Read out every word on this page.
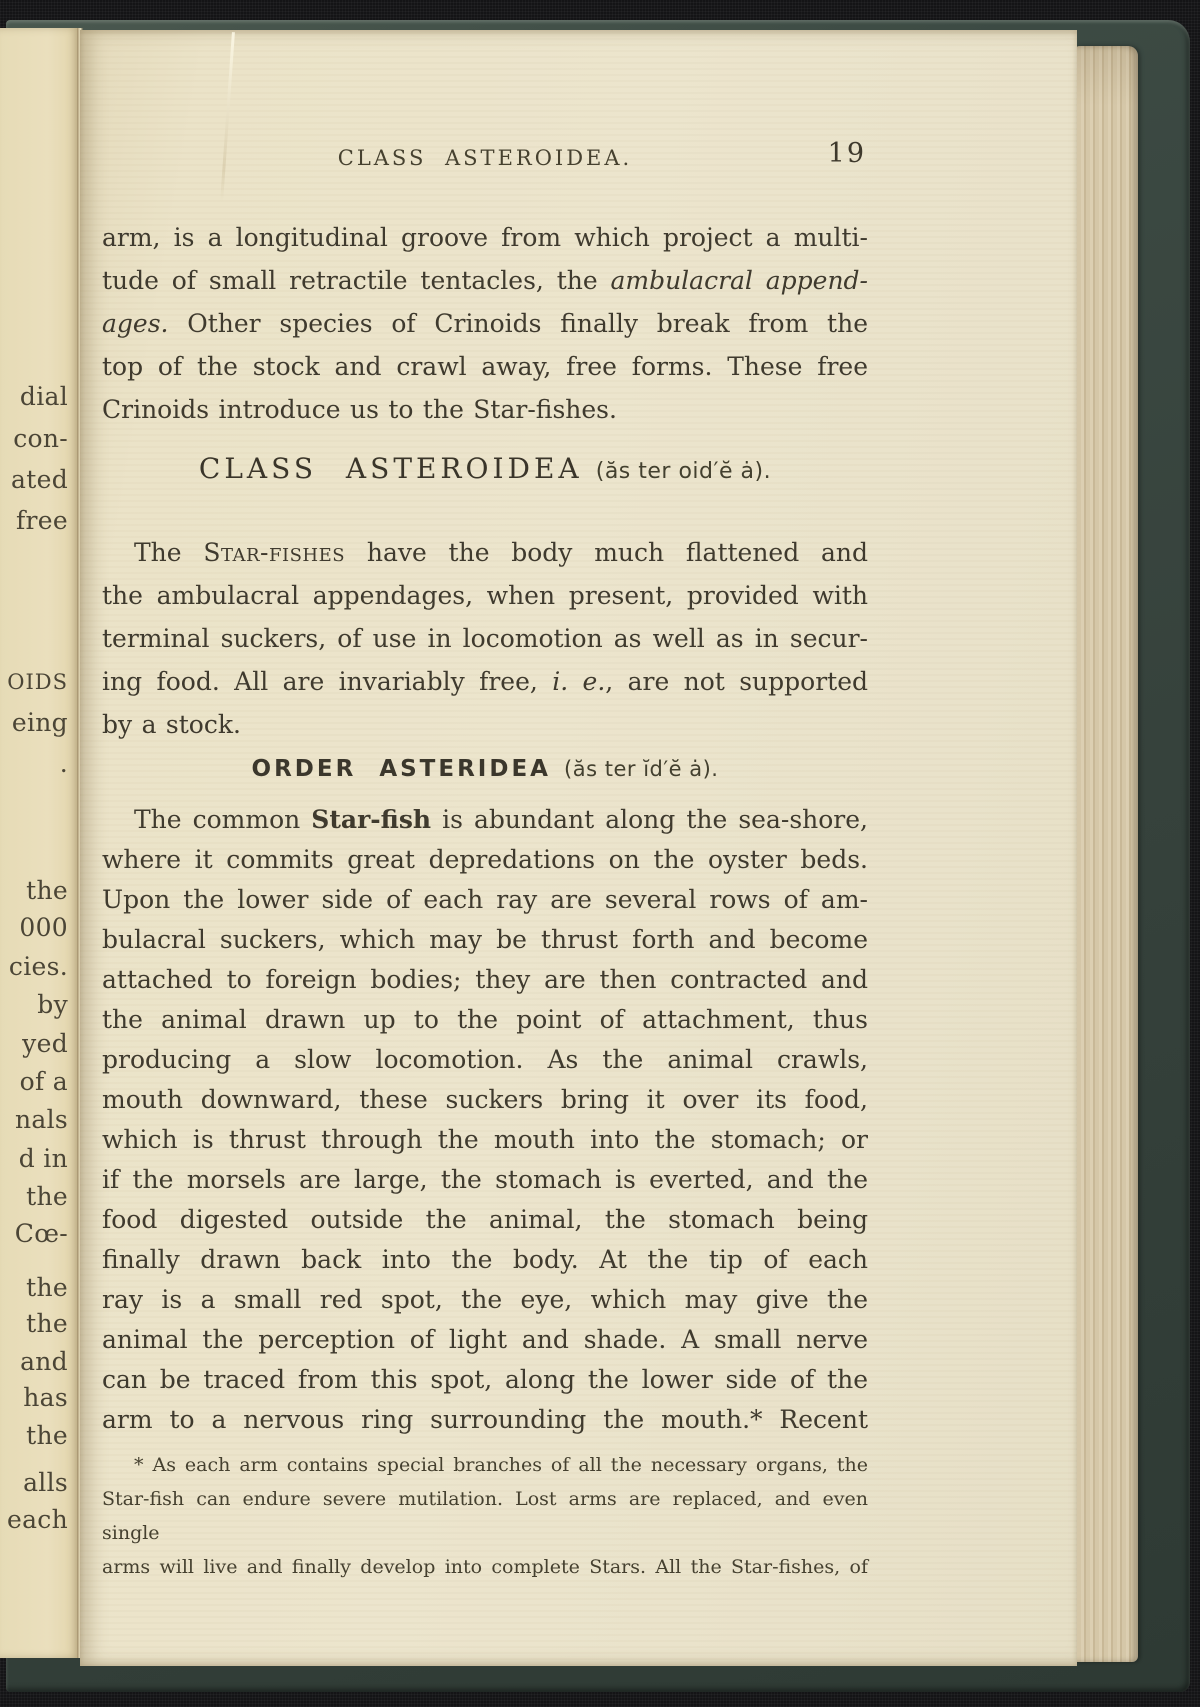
dial
con-
ated
free
OIDS
eing
.
the
000
cies.
by
yed
of a
nals
d in
the
Cœ-
the
the
and
has
the
alls
each
CLASS ASTEROIDEA.	19
arm, is a longitudinal groove from which project a multi-
tude of small retractile tentacles, the ambulacral append-
ages. Other species of Crinoids finally break from the
top of the stock and crawl away, free forms. These free
Crinoids introduce us to the Star-fishes.
CLASS ASTEROIDEA (ăs ter oid′ĕ ȧ).
The Star-fishes have the body much flattened and
the ambulacral appendages, when present, provided with
terminal suckers, of use in locomotion as well as in secur-
ing food. All are invariably free, i. e., are not supported
by a stock.
ORDER ASTERIDEA (ăs ter ĭd′ĕ ȧ).
The common Star-fish is abundant along the sea-shore,
where it commits great depredations on the oyster beds.
Upon the lower side of each ray are several rows of am-
bulacral suckers, which may be thrust forth and become
attached to foreign bodies; they are then contracted and
the animal drawn up to the point of attachment, thus
producing a slow locomotion. As the animal crawls,
mouth downward, these suckers bring it over its food,
which is thrust through the mouth into the stomach; or
if the morsels are large, the stomach is everted, and the
food digested outside the animal, the stomach being
finally drawn back into the body. At the tip of each
ray is a small red spot, the eye, which may give the
animal the perception of light and shade. A small nerve
can be traced from this spot, along the lower side of the
arm to a nervous ring surrounding the mouth.* Recent
* As each arm contains special branches of all the necessary organs, the
Star-fish can endure severe mutilation. Lost arms are replaced, and even single
arms will live and finally develop into complete Stars. All the Star-fishes, of
